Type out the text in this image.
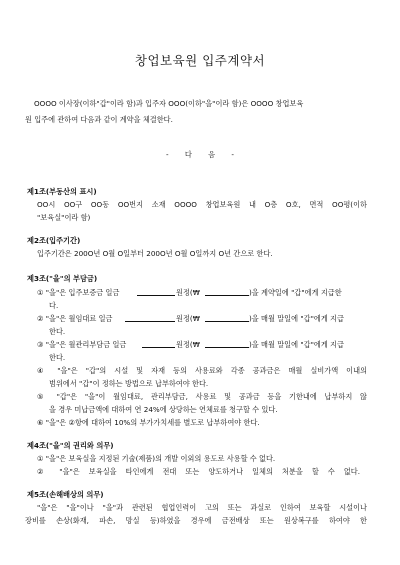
창업보육원 입주계약서
OOOO 이사장(이하"갑"이라 함)과 입주자 OOO(이하"을"이라 함)은 OOOO 창업보육
원 입주에 관하여 다음과 같이 계약을 체결한다.
- 다 음 -
제1조(부동산의 표시)
OO시 OO구 OO동 OO번지 소재 OOOO 창업보육원 내 O층 O호, 면적 OO평(이하
"보육실"이라 함)
제2조(입주기간)
입주기간은 200O년 O월 O일부터 200O년 O월 O일까지 O년 간으로 한다.
제3조("을"의 부담금)
① "을"은 입주보증금 일금	원정(₩	)을 계약일에 "갑"에게 지급한
다.
② "을"은 월임대료 일금	원정(₩	)을 매월 말일에 "갑"에게 지급
한다.
③ "을"은 월관리부담금 일금	원정(₩	)을 매월 말일에 "갑"에게 지급
한다.
④ "을"은 "갑"의 시설 및 자재 등의 사용료와 각종 공과금은 매월 실비가액 이내의
범위에서 "갑"이 정하는 방법으로 납부하여야 한다.
⑤ "갑"은 "을"이 월임대료, 관리부담금, 사용료 및 공과금 등을 기한내에 납부하지 않
을 경우 미납금액에 대하여 연 24%에 상당하는 연체료를 청구할 수 있다.
⑥ "을"은 ②항에 대하여 10%의 부가가치세를 별도로 납부하여야 한다.
제4조("을"의 권리와 의무)
① "을"은 보육실을 지정된 기술(제품)의 개발 이외의 용도로 사용할 수 없다.
② "을"은 보육실을 타인에게 전대 또는 양도하거나 일체의 처분을 할 수 없다.
제5조(손해배상의 의무)
"을"은 "을"이나 "을"과 관련된 협업인력이 고의 또는 과실로 인하여 보육할 시설이나
장비를 손상(화재, 파손, 망실 등)하였을 경우에 금전배상 또는 원상복구를 하여야 한
